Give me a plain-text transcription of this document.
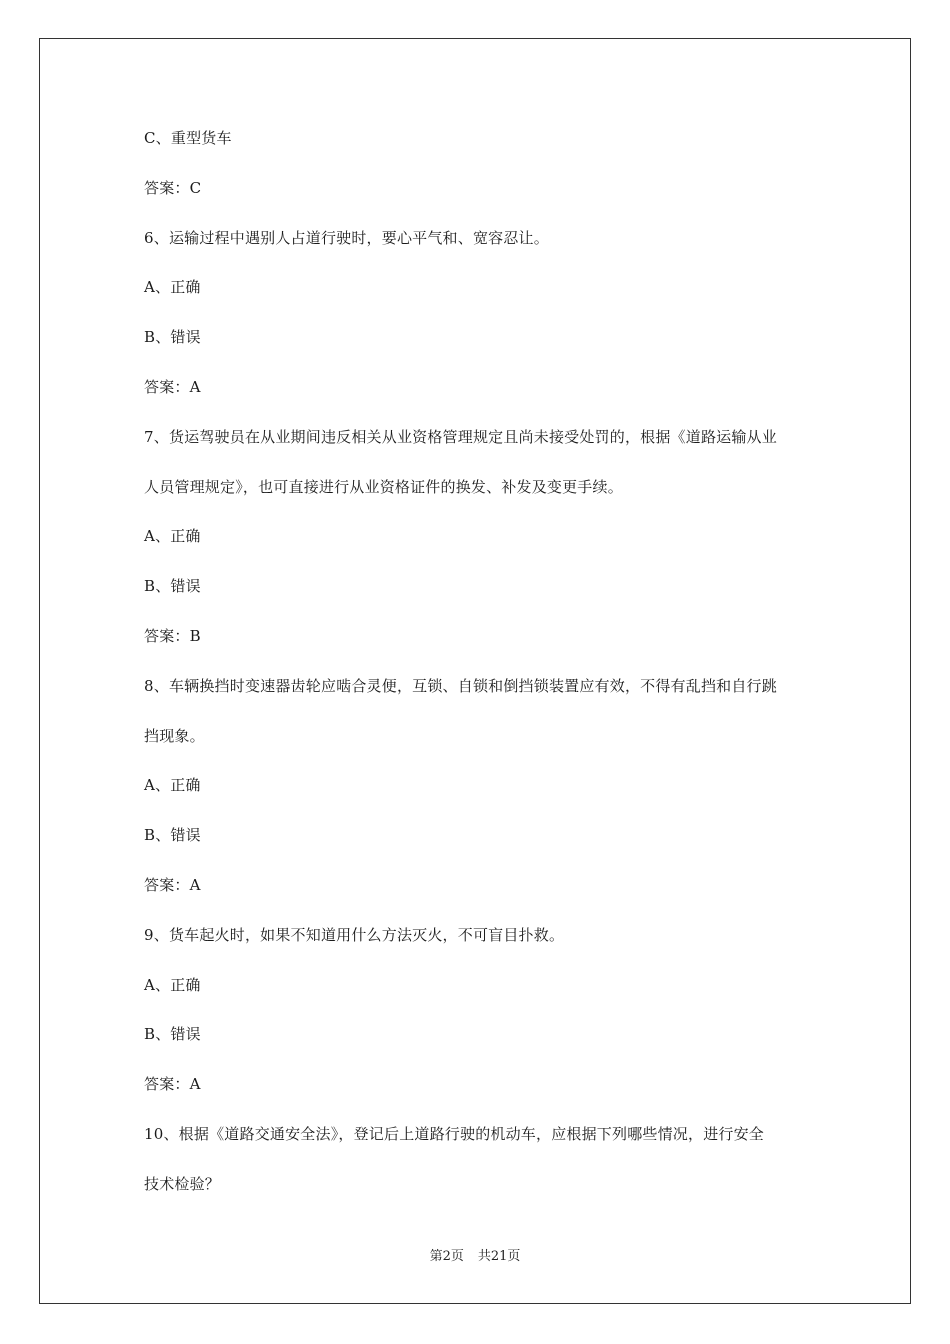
C、重型货车
答案：C
6、运输过程中遇别人占道行驶时，要心平气和、宽容忍让。
A、正确
B、错误
答案：A
7、货运驾驶员在从业期间违反相关从业资格管理规定且尚未接受处罚的，根据《道路运输从业
人员管理规定》，也可直接进行从业资格证件的换发、补发及变更手续。
A、正确
B、错误
答案：B
8、车辆换挡时变速器齿轮应啮合灵便，互锁、自锁和倒挡锁装置应有效，不得有乱挡和自行跳
挡现象。
A、正确
B、错误
答案：A
9、货车起火时，如果不知道用什么方法灭火，不可盲目扑救。
A、正确
B、错误
答案：A
10、根据《道路交通安全法》，登记后上道路行驶的机动车，应根据下列哪些情况，进行安全
技术检验？
第2页 共21页
